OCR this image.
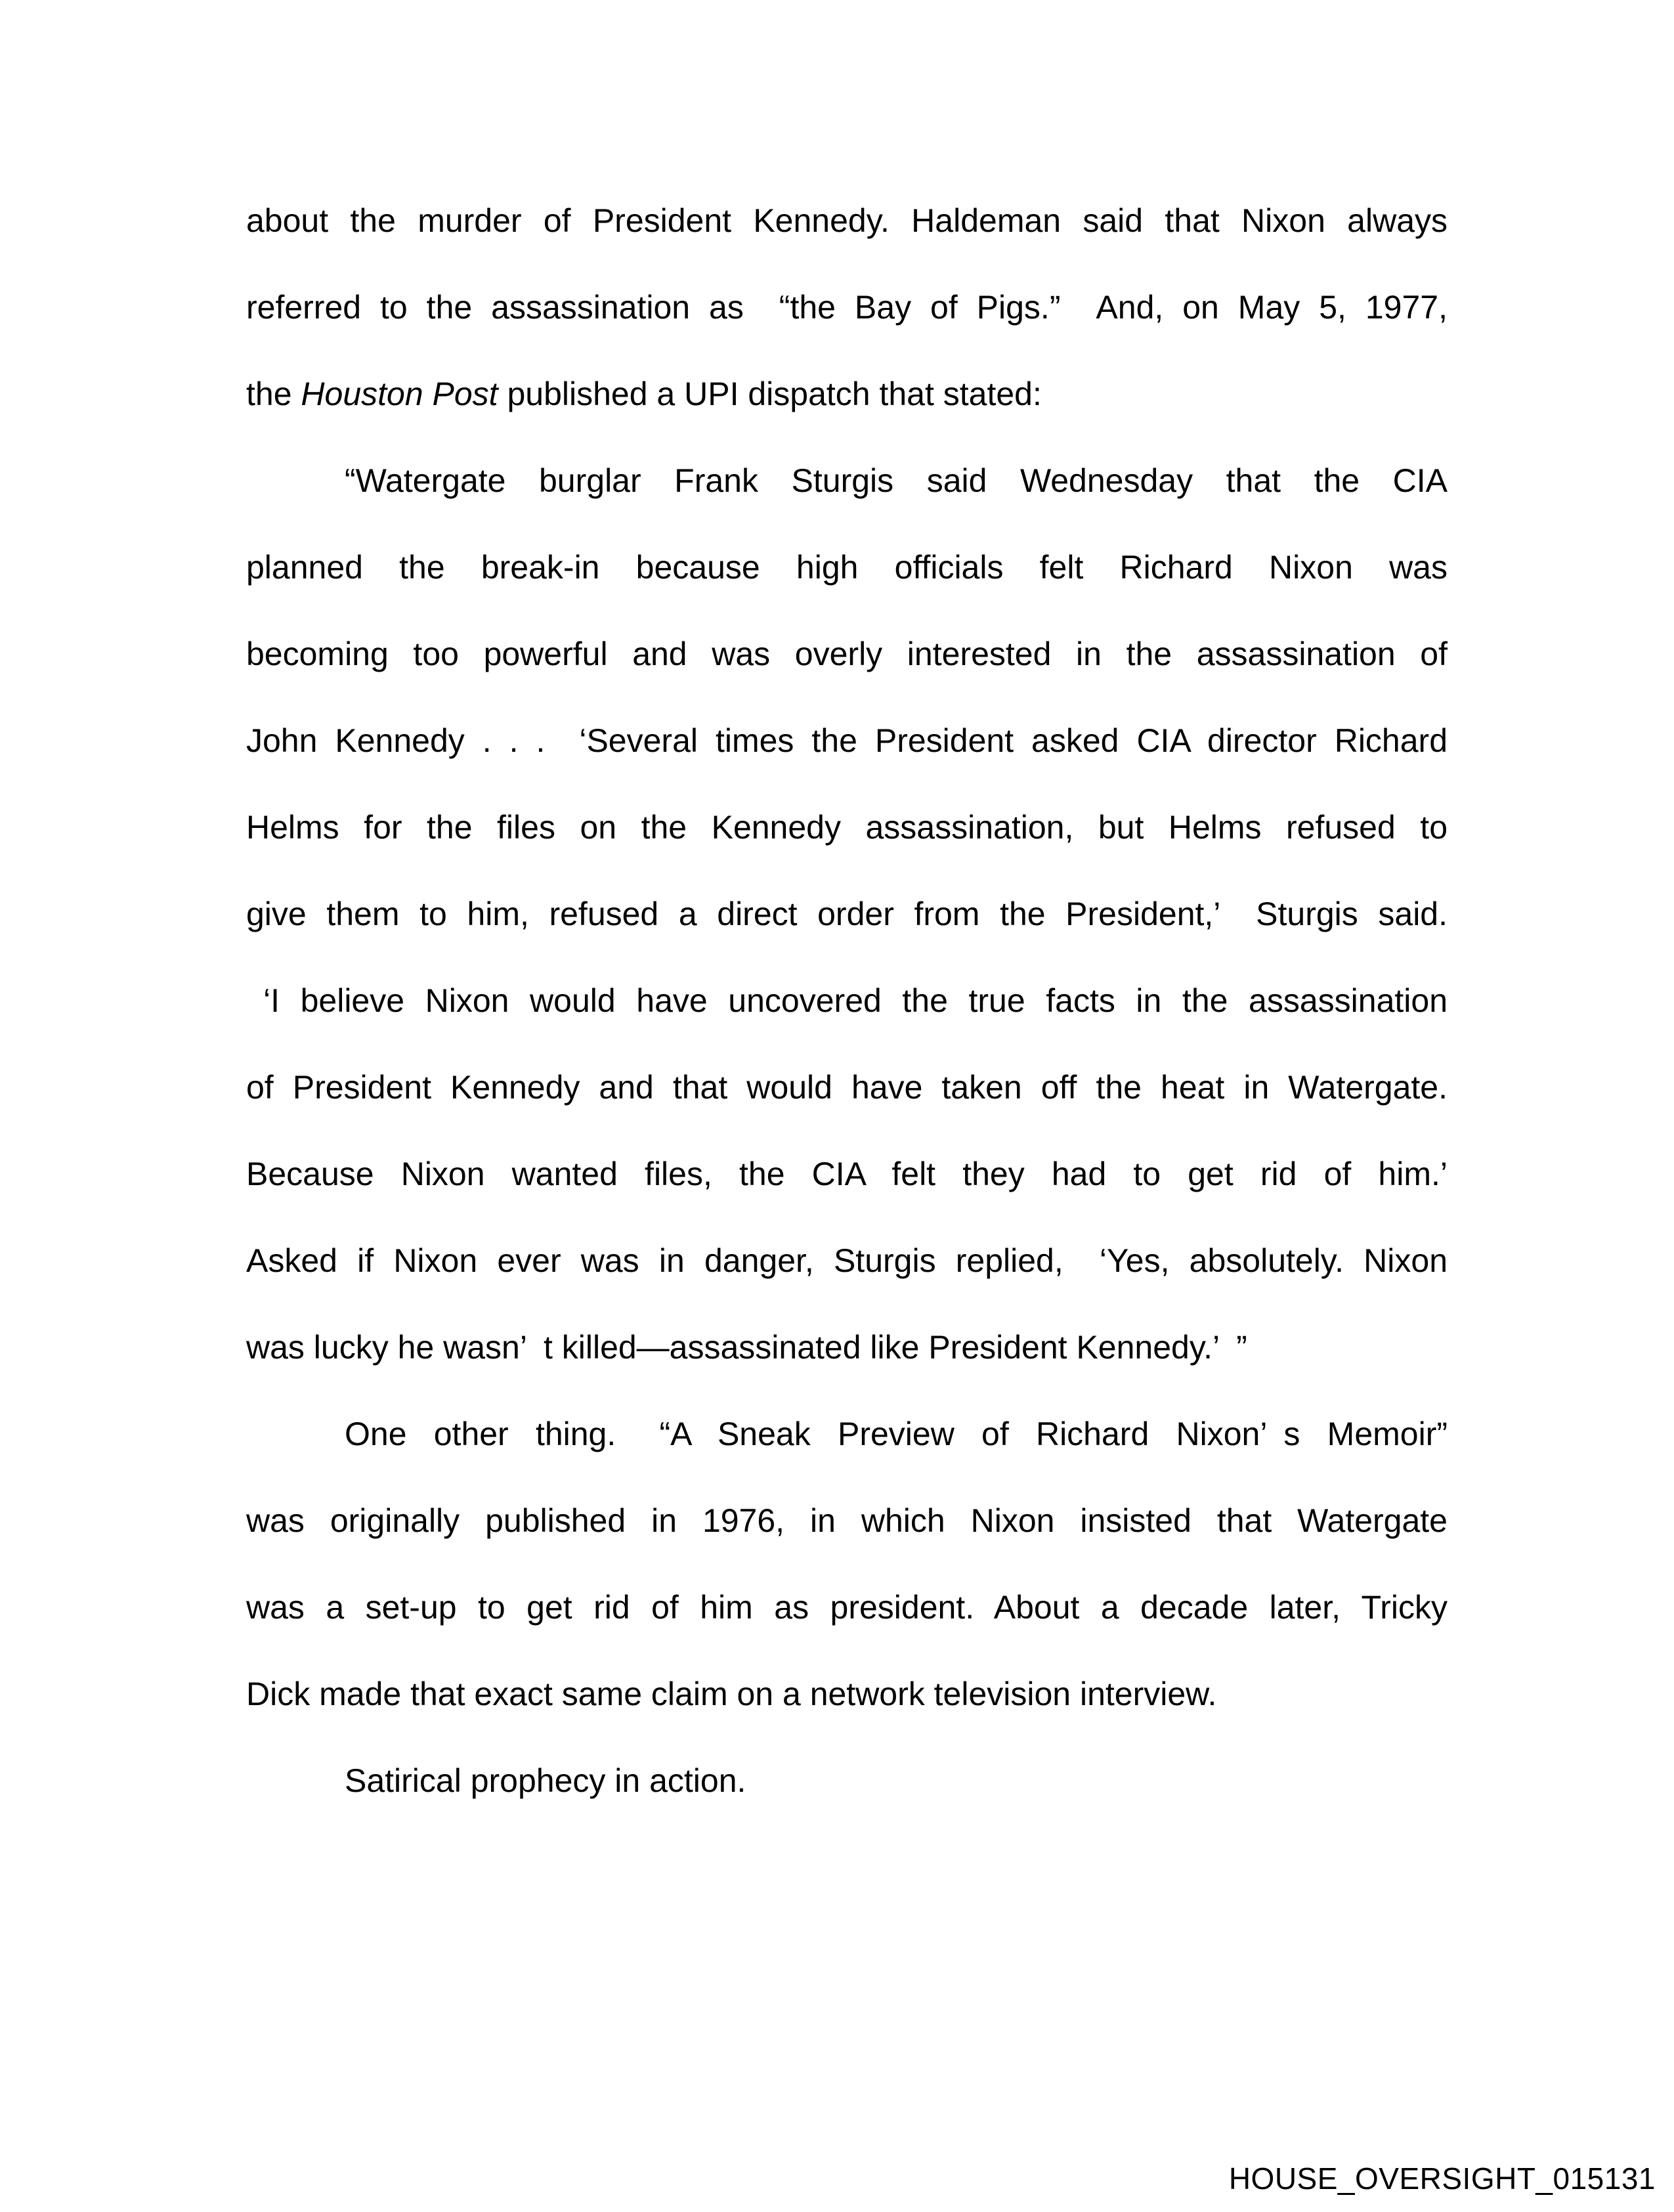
about the murder of President Kennedy. Haldeman said that Nixon always
referred to the assassination as  “the Bay of Pigs.”  And, on May 5, 1977,
the Houston Post published a UPI dispatch that stated:
“Watergate burglar Frank Sturgis said Wednesday that the CIA
planned the break-in because high officials felt Richard Nixon was
becoming too powerful and was overly interested in the assassination of
John Kennedy . . .  ‘Several times the President asked CIA director Richard
Helms for the files on the Kennedy assassination, but Helms refused to
give them to him, refused a direct order from the President,’  Sturgis said.
‘I believe Nixon would have uncovered the true facts in the assassination
of President Kennedy and that would have taken off the heat in Watergate.
Because Nixon wanted files, the CIA felt they had to get rid of him.’
Asked if Nixon ever was in danger, Sturgis replied,  ‘Yes, absolutely. Nixon
was lucky he wasn’ t killed—assassinated like President Kennedy.’ ”
One other thing.  “A Sneak Preview of Richard Nixon’ s Memoir”
was originally published in 1976, in which Nixon insisted that Watergate
was a set-up to get rid of him as president. About a decade later, Tricky
Dick made that exact same claim on a network television interview.
Satirical prophecy in action.
HOUSE_OVERSIGHT_015131
